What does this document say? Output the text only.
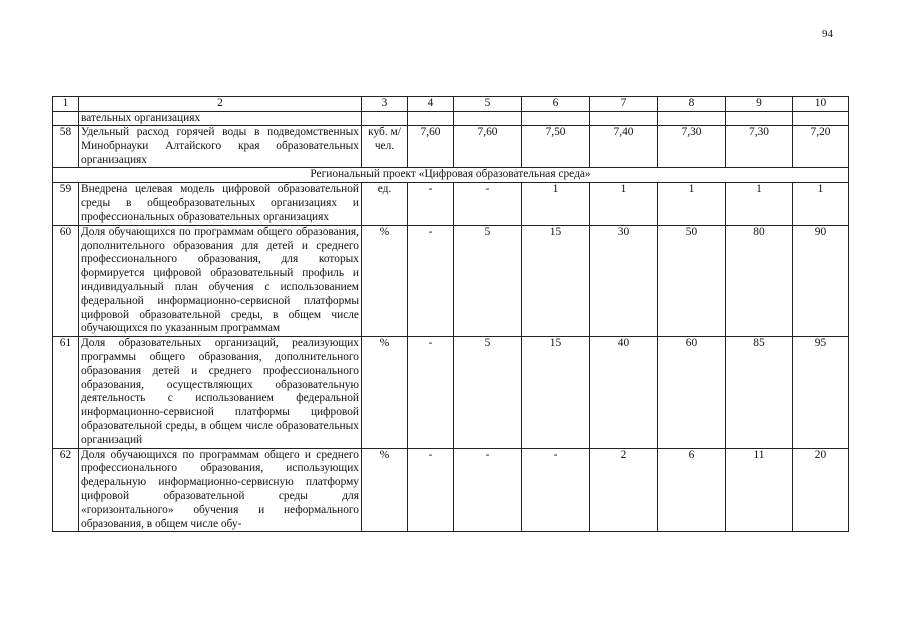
94
1	2	3	4	5	6	7	8	9	10
	вательных организациях								
58	Удельный расход горячей воды в подведомственных Минобрнауки Алтайского края образовательных организациях	куб. м/ чел.	7,60	7,60	7,50	7,40	7,30	7,30	7,20
Региональный проект «Цифровая образовательная среда»									
59	Внедрена целевая модель цифровой образовательной среды в общеобразовательных организациях и профессиональных образовательных организациях	ед.	-	-	1	1	1	1	1
60	Доля обучающихся по программам общего образования, дополнительного образования для детей и среднего профессионального образования, для которых формируется цифровой образовательный профиль и индивидуальный план обучения с использованием федеральной информационно-сервисной платформы цифровой образовательной среды, в общем числе обучающихся по указанным программам	%	-	5	15	30	50	80	90
61	Доля образовательных организаций, реализующих программы общего образования, дополнительного образования детей и среднего профессионального образования, осуществляющих образовательную деятельность с использованием федеральной информационно-сервисной платформы цифровой образовательной среды, в общем числе образовательных организаций	%	-	5	15	40	60	85	95
62	Доля обучающихся по программам общего и среднего профессионального образования, использующих федеральную информационно-сервисную платформу цифровой образовательной среды для «горизонтального» обучения и неформального образования, в общем числе обу-	%	-	-	-	2	6	11	20
